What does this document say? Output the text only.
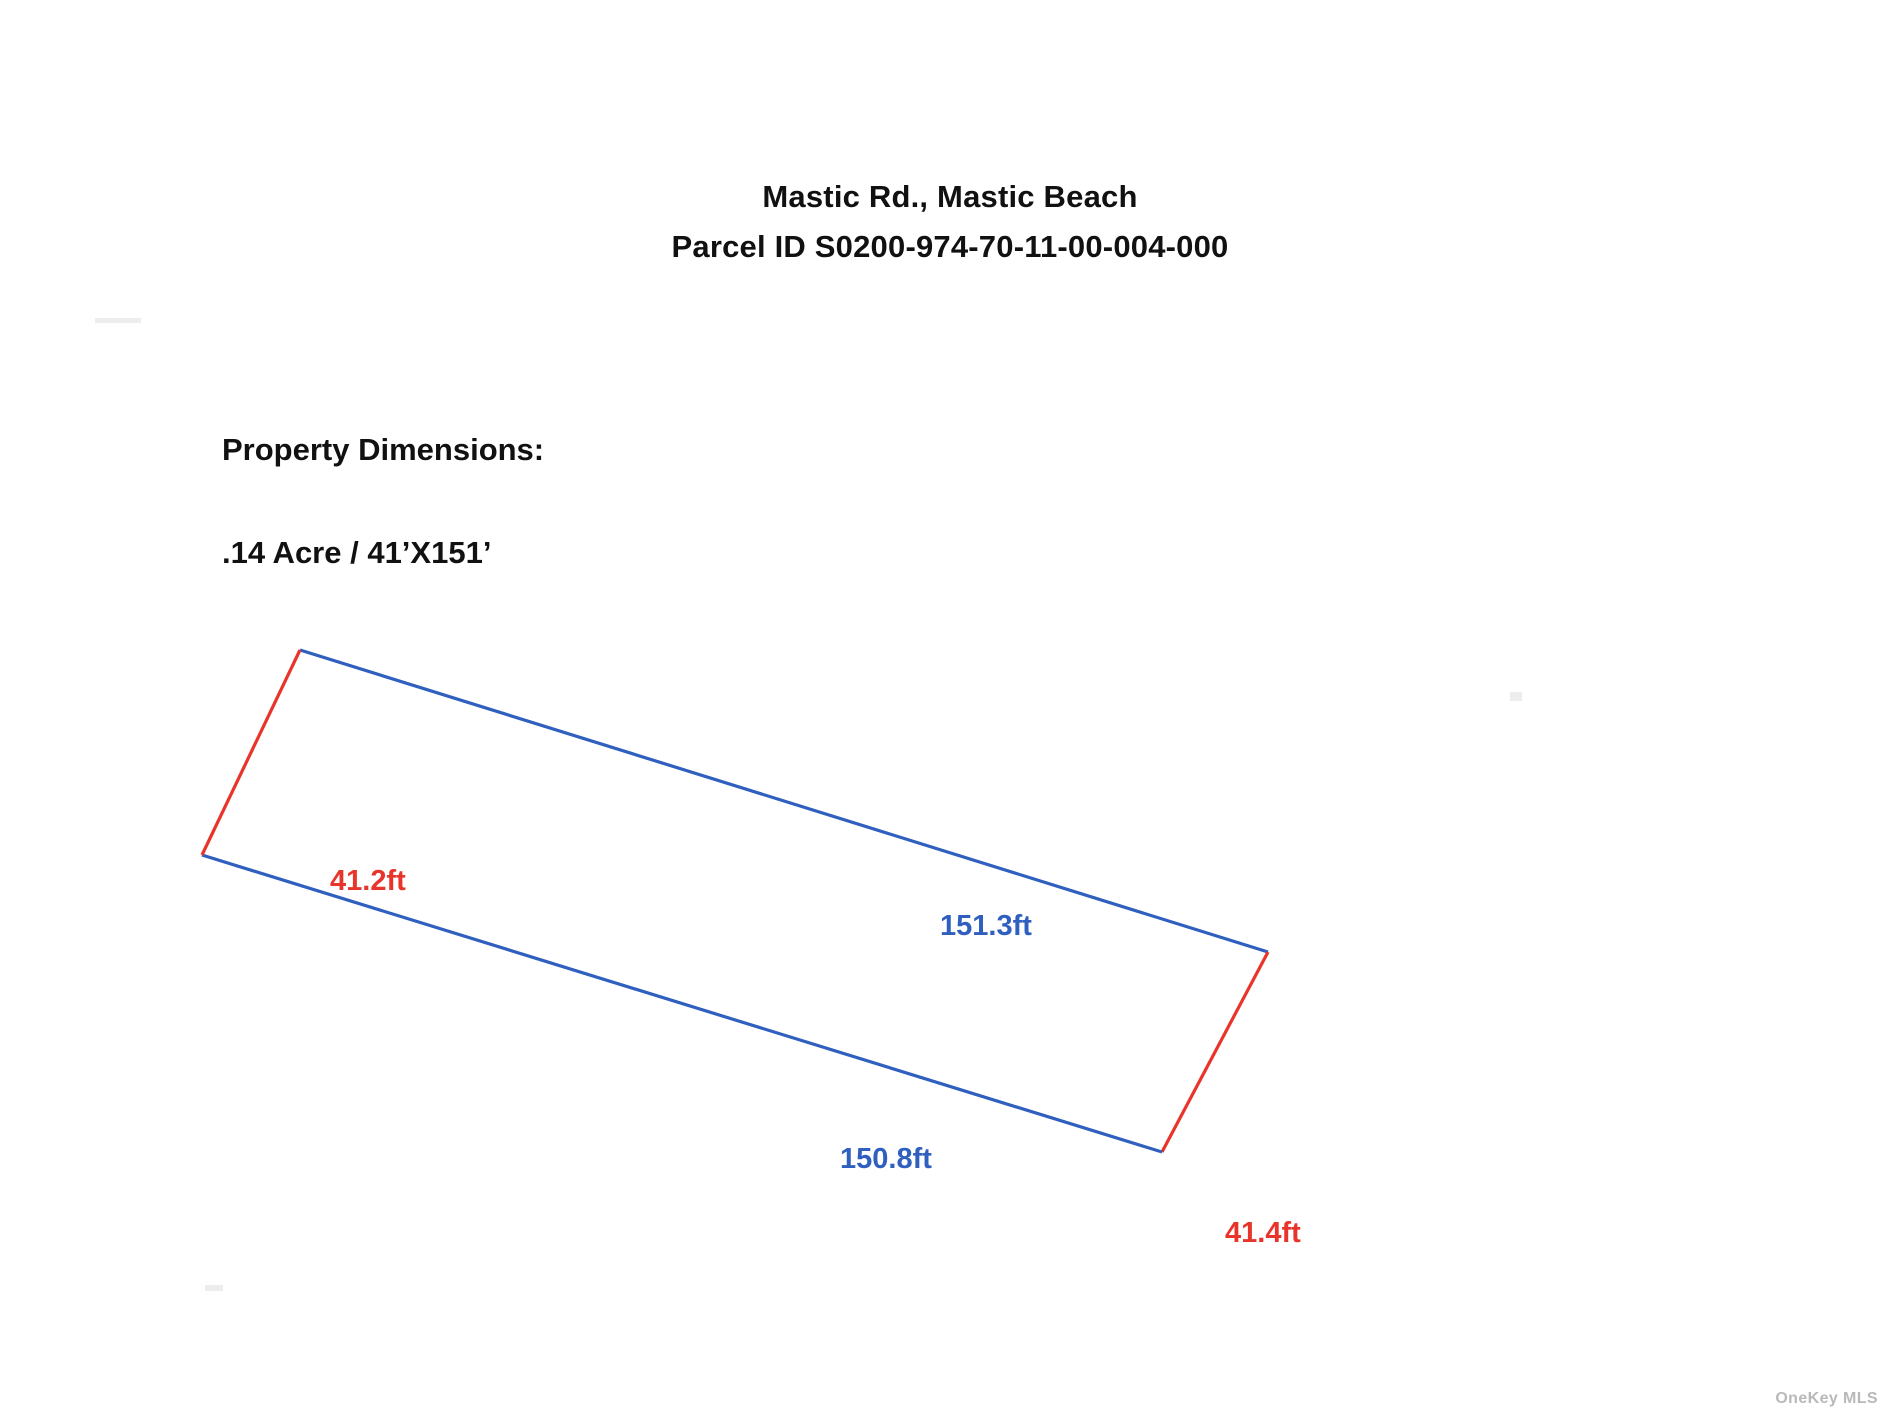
Mastic Rd., Mastic Beach
Parcel ID S0200-974-70-11-00-004-000
Property Dimensions:
.14 Acre / 41’X151’
41.2ft
151.3ft
150.8ft
41.4ft
OneKey MLS
